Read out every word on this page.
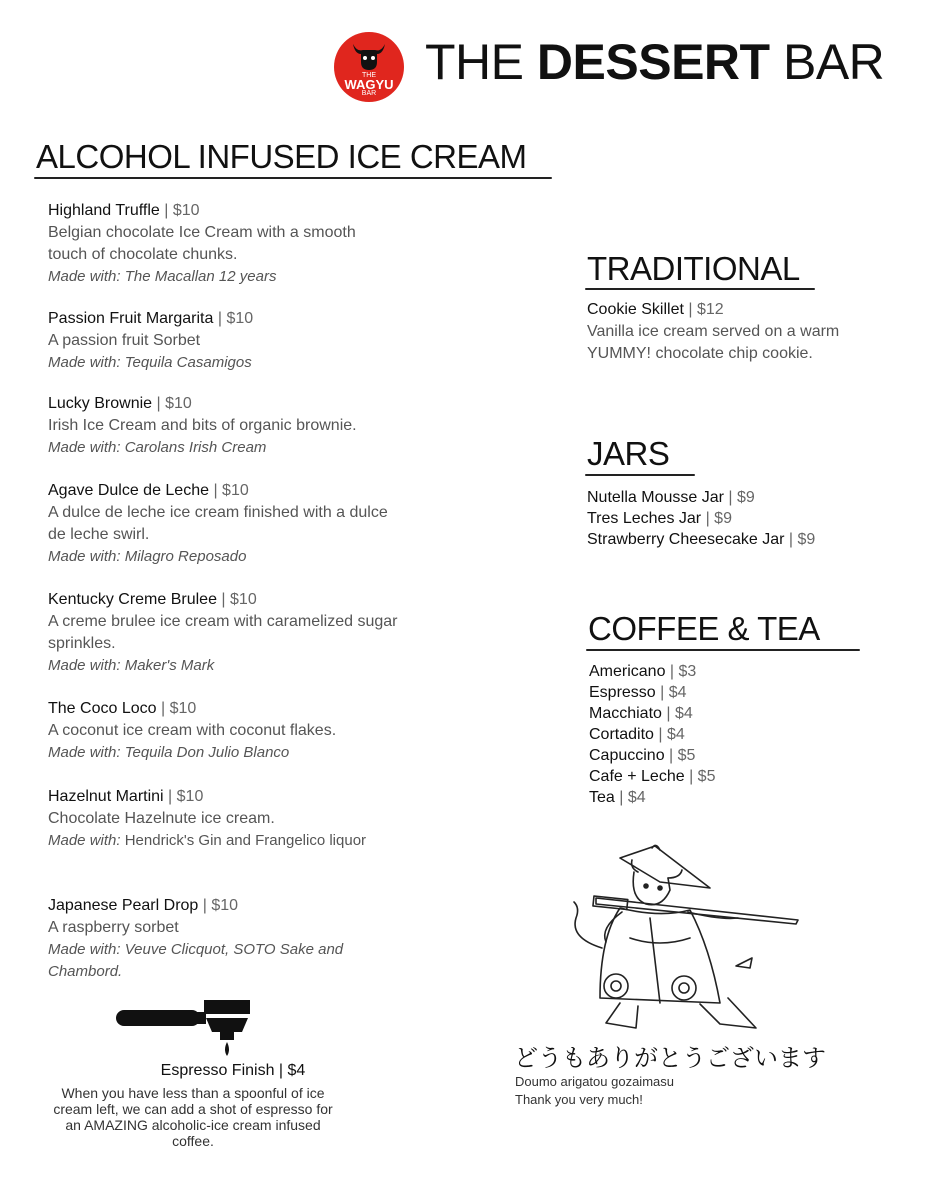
THE
WAGYU
BAR
THE DESSERT BAR
ALCOHOL INFUSED ICE CREAM
Highland Truffle | $10
Belgian chocolate Ice Cream with a smooth touch of chocolate chunks.
Made with: The Macallan 12 years
Passion Fruit Margarita | $10
A passion fruit Sorbet
Made with: Tequila Casamigos
Lucky Brownie | $10
Irish Ice Cream and bits of organic brownie.
Made with: Carolans Irish Cream
Agave Dulce de Leche | $10
A dulce de leche ice cream finished with a dulce de leche swirl.
Made with: Milagro Reposado
Kentucky Creme Brulee | $10
A creme brulee ice cream with caramelized sugar sprinkles.
Made with: Maker's Mark
The Coco Loco | $10
A coconut ice cream with coconut flakes.
Made with: Tequila Don Julio Blanco
Hazelnut Martini | $10
Chocolate Hazelnute ice cream.
Made with: Hendrick's Gin and Frangelico liquor
Japanese Pearl Drop | $10
A raspberry sorbet
Made with: Veuve Clicquot, SOTO Sake and Chambord.
Espresso Finish | $4
When you have less than a spoonful of ice cream left, we can add a shot of espresso for an AMAZING alcoholic-ice cream infused coffee.
TRADITIONAL
Cookie Skillet | $12
Vanilla ice cream served on a warm YUMMY! chocolate chip cookie.
JARS
Nutella Mousse Jar | $9
Tres Leches Jar | $9
Strawberry Cheesecake Jar | $9
COFFEE & TEA
Americano | $3
Espresso | $4
Macchiato | $4
Cortadito | $4
Capuccino | $5
Cafe + Leche | $5
Tea | $4
どうもありがとうございます
Doumo arigatou gozaimasu
Thank you very much!
